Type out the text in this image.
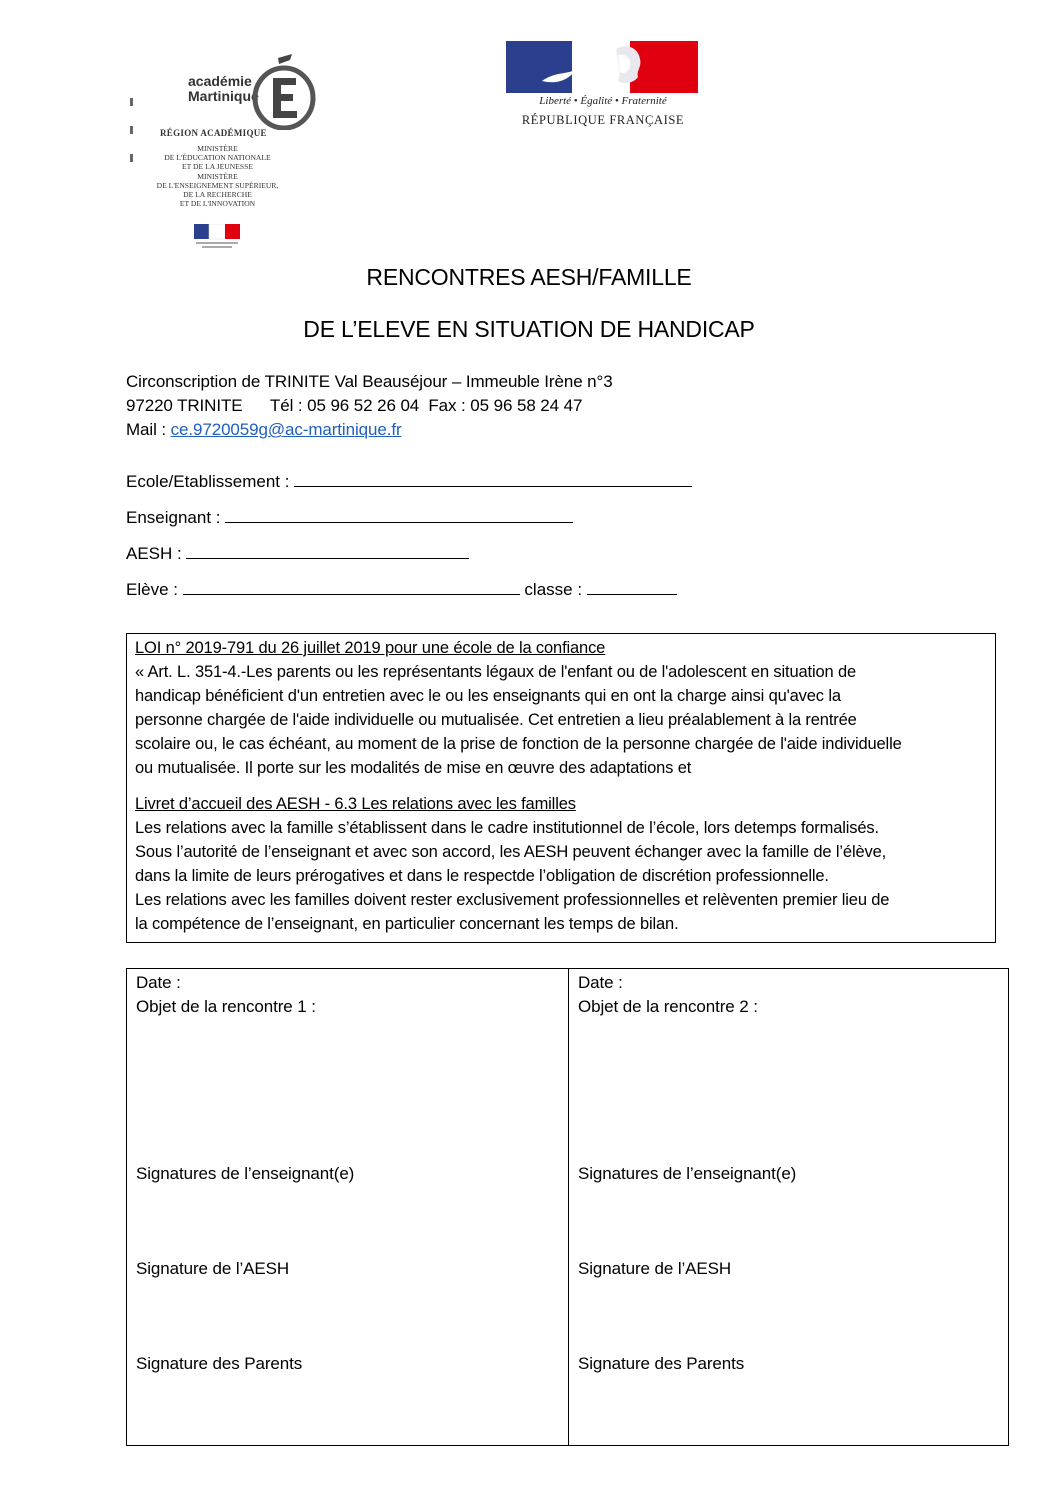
académie
Martinique
RÉGION ACADÉMIQUE
MINISTÈRE
DE L'ÉDUCATION NATIONALE
ET DE LA JEUNESSE
MINISTÈRE
DE L'ENSEIGNEMENT SUPÉRIEUR,
DE LA RECHERCHE
ET DE L'INNOVATION
Liberté • Égalité • Fraternité
RÉPUBLIQUE FRANÇAISE
RENCONTRES AESH/FAMILLE
DE L’ELEVE EN SITUATION DE HANDICAP
Circonscription de TRINITE Val Beauséjour – Immeuble Irène n°3
97220 TRINITE      Tél : 05 96 52 26 04  Fax : 05 96 58 24 47
Mail : ce.9720059g@ac-martinique.fr
Ecole/Etablissement :
Enseignant :
AESH :
Elève :	classe :

LOI n° 2019-791 du 26 juillet 2019 pour une école de la confiance

« Art. L. 351-4.-Les parents ou les représentants légaux de l'enfant ou de l'adolescent en situation de

handicap bénéficient d'un entretien avec le ou les enseignants qui en ont la charge ainsi qu'avec la

personne chargée de l'aide individuelle ou mutualisée. Cet entretien a lieu préalablement à la rentrée

scolaire ou, le cas échéant, au moment de la prise de fonction de la personne chargée de l'aide individuelle

ou mutualisée. Il porte sur les modalités de mise en œuvre des adaptations et

Livret d’accueil des AESH - 6.3 Les relations avec les familles

Les relations avec la famille s’établissent dans le cadre institutionnel de l’école, lors detemps formalisés.

Sous l’autorité de l’enseignant et avec son accord, les AESH peuvent échanger avec la famille de l’élève,

dans la limite de leurs prérogatives et dans le respectde l’obligation de discrétion professionnelle.

Les relations avec les familles doivent rester exclusivement professionnelles et relèventen premier lieu de

la compétence de l’enseignant, en particulier concernant les temps de bilan.

Date :
Objet de la rencontre 1 :
Signatures de l’enseignant(e)
Signature de l’AESH
Signature des Parents
Date :
Objet de la rencontre 2 :
Signatures de l’enseignant(e)
Signature de l’AESH
Signature des Parents
